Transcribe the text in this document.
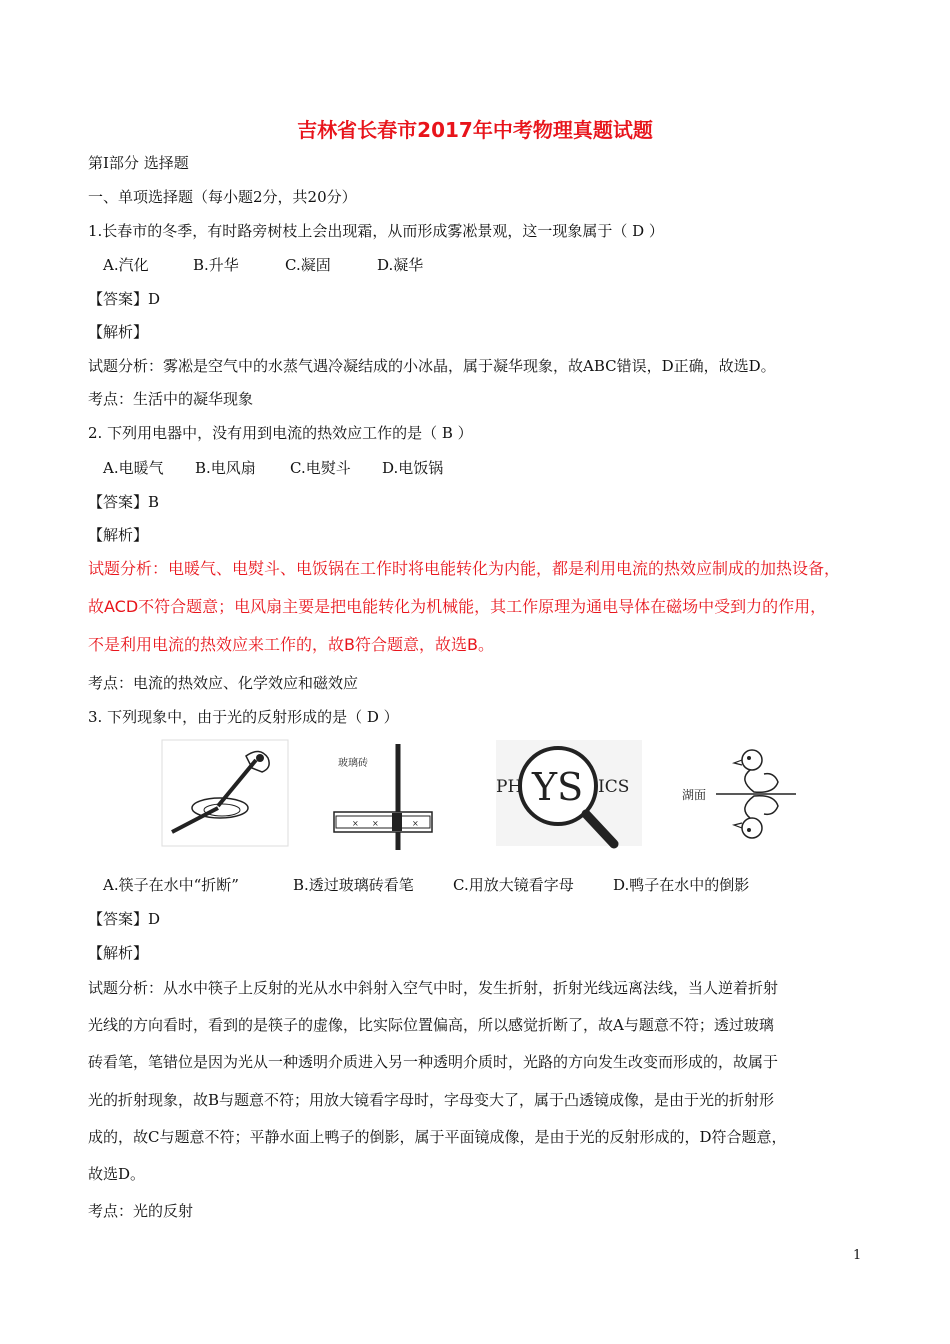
吉林省长春市2017年中考物理真题试题
第Ⅰ部分 选择题
一、单项选择题（每小题2分，共20分）
1.长春市的冬季，有时路旁树枝上会出现霜，从而形成雾凇景观，这一现象属于（ D ）
A.汽化	B.升华	C.凝固	D.凝华
【答案】D
【解析】
试题分析：雾凇是空气中的水蒸气遇冷凝结成的小冰晶，属于凝华现象，故ABC错误，D正确，故选D。
考点：生活中的凝华现象
2. 下列用电器中，没有用到电流的热效应工作的是（ B ）
A.电暖气 B.电风扇 C.电熨斗 D.电饭锅
【答案】B
【解析】
试题分析：电暖气、电熨斗、电饭锅在工作时将电能转化为内能，都是利用电流的热效应制成的加热设备，
故ACD不符合题意；电风扇主要是把电能转化为机械能，其工作原理为通电导体在磁场中受到力的作用，
不是利用电流的热效应来工作的，故B符合题意，故选B。
考点：电流的热效应、化学效应和磁效应
3. 下列现象中，由于光的反射形成的是（ D ）
玻璃砖
× ×	×
PH YS ICS	湖面
A.筷子在水中“折断”	B.透过玻璃砖看笔	C.用放大镜看字母	D.鸭子在水中的倒影
【答案】D
【解析】
试题分析：从水中筷子上反射的光从水中斜射入空气中时，发生折射，折射光线远离法线，当人逆着折射
光线的方向看时，看到的是筷子的虚像，比实际位置偏高，所以感觉折断了，故A与题意不符；透过玻璃
砖看笔，笔错位是因为光从一种透明介质进入另一种透明介质时，光路的方向发生改变而形成的，故属于
光的折射现象，故B与题意不符；用放大镜看字母时，字母变大了，属于凸透镜成像，是由于光的折射形
成的，故C与题意不符；平静水面上鸭子的倒影，属于平面镜成像，是由于光的反射形成的，D符合题意，
故选D。
考点：光的反射
1
